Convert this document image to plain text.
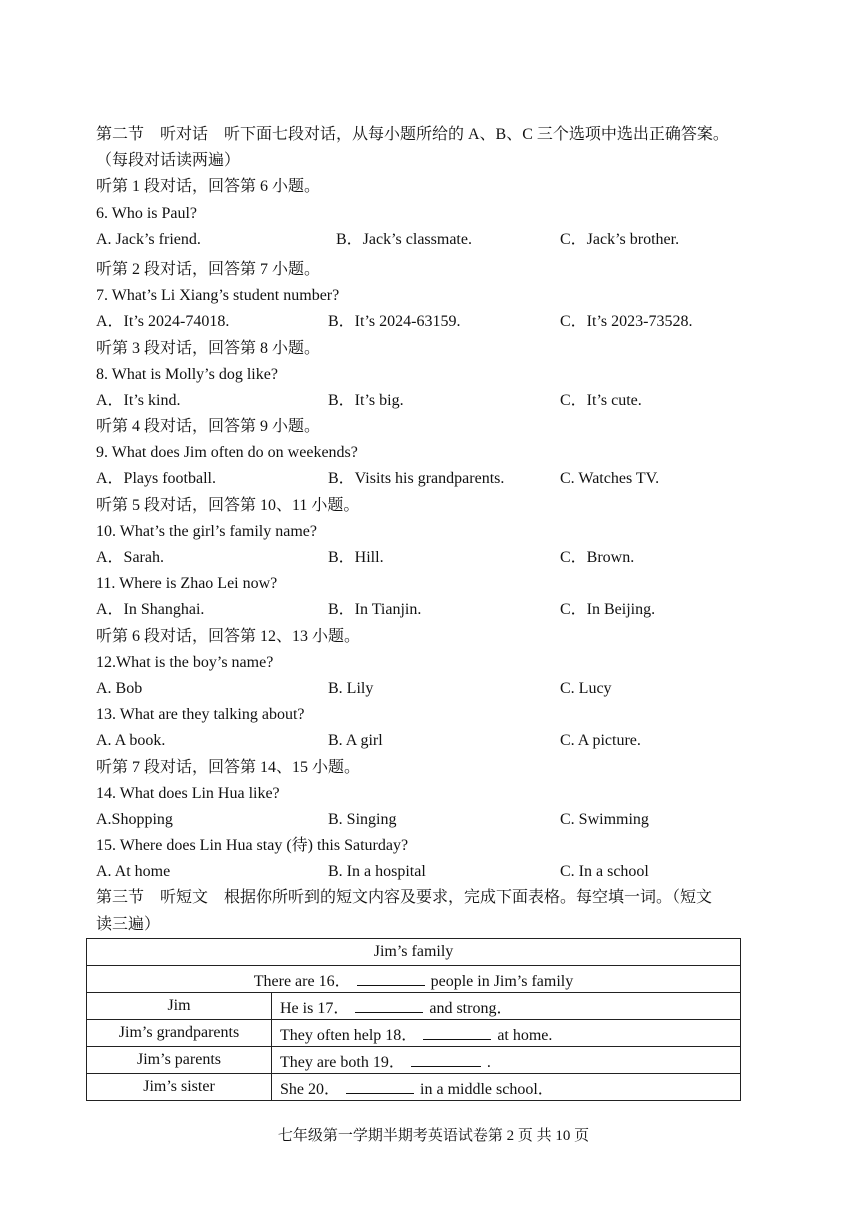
第二节　听对话　听下面七段对话，从每小题所给的 A、B、C 三个选项中选出正确答案。
（每段对话读两遍）
听第 1 段对话，回答第 6 小题。
6. Who is Paul?
A. Jack’s friend.	B．Jack’s classmate.	C．Jack’s brother.
听第 2 段对话，回答第 7 小题。
7. What’s Li Xiang’s student number?
A．It’s 2024-74018.	B．It’s 2024-63159.	C．It’s 2023-73528.
听第 3 段对话，回答第 8 小题。
8. What is Molly’s dog like?
A．It’s kind.	B．It’s big.	C．It’s cute.
听第 4 段对话，回答第 9 小题。
9. What does Jim often do on weekends?
A．Plays football.	B．Visits his grandparents.	C. Watches TV.
听第 5 段对话，回答第 10、11 小题。
10. What’s the girl’s family name?
A．Sarah.	B．Hill.	C．Brown.
11. Where is Zhao Lei now?
A．In Shanghai.	B．In Tianjin.	C．In Beijing.
听第 6 段对话，回答第 12、13 小题。
12.What is the boy’s name?
A. Bob	B. Lily	C. Lucy
13. What are they talking about?
A. A book.	B. A girl	C. A picture.
听第 7 段对话，回答第 14、15 小题。
14. What does Lin Hua like?
A.Shopping	B. Singing	C. Swimming
15. Where does Lin Hua stay (待) this Saturday?
A. At home	B. In a hospital	C. In a school
第三节　听短文　根据你所听到的短文内容及要求，完成下面表格。每空填一词。（短文
读三遍）
Jim’s family	
There are 16． people in Jim’s family	
Jim	He is 17． and strong．
Jim’s grandparents	They often help 18． at home.
Jim’s parents	They are both 19． .
Jim’s sister	She 20． in a middle school．
七年级第一学期半期考英语试卷第 2 页 共 10 页
